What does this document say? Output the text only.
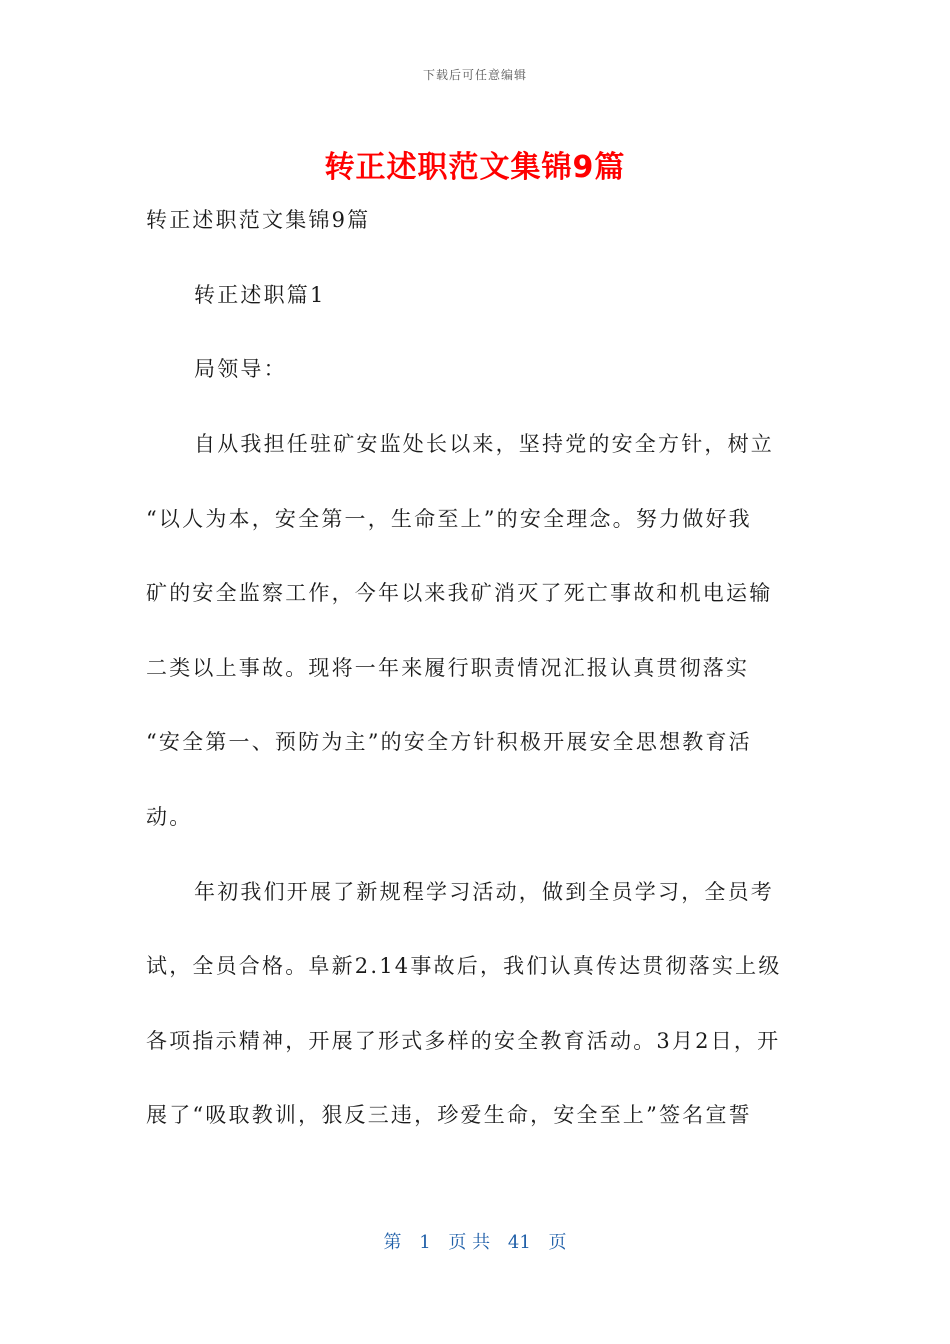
下载后可任意编辑
转正述职范文集锦9篇
转正述职范文集锦9篇
转正述职篇1
局领导：
自从我担任驻矿安监处长以来，坚持党的安全方针，树立
“以人为本，安全第一，生命至上”的安全理念。努力做好我
矿的安全监察工作，今年以来我矿消灭了死亡事故和机电运输
二类以上事故。现将一年来履行职责情况汇报认真贯彻落实
“安全第一、预防为主”的安全方针积极开展安全思想教育活
动。
年初我们开展了新规程学习活动，做到全员学习，全员考
试，全员合格。阜新2.14事故后，我们认真传达贯彻落实上级
各项指示精神，开展了形式多样的安全教育活动。3月2日，开
展了“吸取教训，狠反三违，珍爱生命，安全至上”签名宣誓
第 1 页 共 41 页
